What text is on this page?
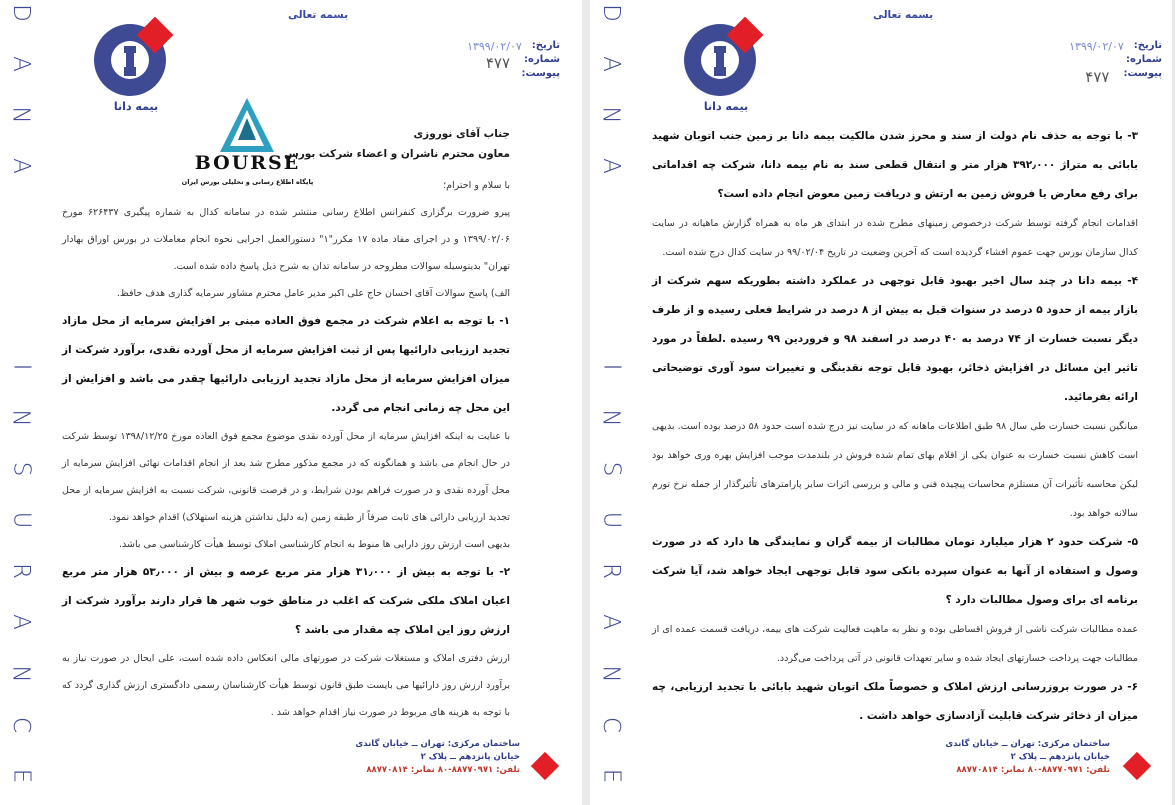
D
A
N
A
I
N
S
U
R
A
N
C
E
بسمه تعالی
بیمه دانا
تاریخ:
۱۳۹۹/۰۲/۰۷
شماره:
۴۷۷
پیوست:
BOURSE
پایگاه اطلاع رسانی و تحلیلی بورس ایران

جناب آقای نوروزی

معاون محترم ناشران و اعضاء شرکت بورس

با سلام و احترام؛

پیرو ضرورت برگزاری کنفرانس اطلاع رسانی منتشر شده در سامانه کدال به شماره پیگیری ۶۲۶۴۳۷ مورخ ۱۳۹۹/۰۲/۰۶ و در اجرای مفاد ماده ۱۷ مکرر"۱" دستورالعمل اجرایی نحوه انجام معاملات در بورس اوراق بهادار تهران" بدینوسیله سوالات مطروحه در سامانه تدان به شرح ذیل پاسخ داده شده است.

الف) پاسخ سوالات آقای احسان حاج علی اکبر مدیر عامل محترم مشاور سرمایه گذاری هدف حافظ.

۱- با توجه به اعلام شرکت در مجمع فوق العاده مبنی بر افزایش سرمایه از محل مازاد تجدید ارزیابی دارائیها پس از ثبت افزایش سرمایه از محل آورده نقدی، برآورد شرکت از میزان افزایش سرمایه از محل مازاد تجدید ارزیابی دارائیها چقدر می باشد و افزایش از این محل چه زمانی انجام می گردد.

با عنایت به اینکه افزایش سرمایه از محل آورده نقدی موضوع مجمع فوق العاده مورخ ۱۳۹۸/۱۲/۲۵ توسط شرکت در حال انجام می باشد و همانگونه که در مجمع مذکور مطرح شد بعد از انجام اقدامات نهائی افزایش سرمایه از محل آورده نقدی و در صورت فراهم بودن شرایط، و در فرصت قانونی، شرکت نسبت به افزایش سرمایه از محل تجدید ارزیابی دارائی های ثابت صرفاً از طبقه زمین (به دلیل نداشتن هزینه استهلاک) اقدام خواهد نمود.

بدیهی است ارزش روز دارایی ها منوط به انجام کارشناسی املاک توسط هیأت کارشناسی می باشد.

۲- با توجه به بیش از ۳۱٫۰۰۰ هزار متر مربع عرصه و بیش از ۵۳٫۰۰۰ هزار متر مربع اعیان املاک ملکی شرکت که اغلب در مناطق خوب شهر ها قرار دارند برآورد شرکت از ارزش روز این املاک چه مقدار می باشد ؟

ارزش دفتری املاک و مستغلات شرکت در صورتهای مالی انعکاس داده شده است، علی ایحال در صورت نیاز به برآورد ارزش روز دارائیها می بایست طبق قانون توسط هیأت کارشناسان رسمی دادگستری ارزش گذاری گردد که با توجه به هزینه های مربوط در صورت نیاز اقدام خواهد شد .

ساختمان مرکزی: تهران ــ خیابان گاندی
خیابان پانزدهم ــ پلاک ۲
تلفن: ۸۸۷۷۰۹۷۱-۸۰ نمابر: ۸۸۷۷۰۸۱۴
D
A
N
A
I
N
S
U
R
A
N
C
E
بسمه تعالی
بیمه دانا
تاریخ:
۱۳۹۹/۰۲/۰۷
شماره:
پیوست:
۴۷۷

۳- با توجه به حذف نام دولت از سند و محرز شدن مالکیت بیمه دانا بر زمین جنب اتوبان شهید بابائی به متراژ ۳۹۲٫۰۰۰ هزار متر و انتقال قطعی سند به نام بیمه دانا، شرکت چه اقداماتی برای رفع معارض یا فروش زمین به ارتش و دریافت زمین معوض انجام داده است؟

اقدامات انجام گرفته توسط شرکت درخصوص زمینهای مطرح شده در ابتدای هر ماه به همراه گزارش ماهیانه در سایت کدال سازمان بورس جهت عموم افشاء گردیده است که آخرین وضعیت در تاریخ ۹۹/۰۲/۰۴ در سایت کدال درج شده است.

۴- بیمه دانا در چند سال اخیر بهبود قابل توجهی در عملکرد داشته بطوریکه سهم شرکت از بازار بیمه از حدود ۵ درصد در سنوات قبل به بیش از ۸ درصد در شرایط فعلی رسیده و از طرف دیگر نسبت خسارت از ۷۴ درصد به ۴۰ درصد در اسفند ۹۸ و فروردین ۹۹ رسیده .لطفاً در مورد تاثیر این مسائل در افزایش ذخائر، بهبود قابل توجه نقدینگی و تغییرات سود آوری توضیحاتی ارائه بفرمائید.

میانگین نسبت خسارت طی سال ۹۸ طبق اطلاعات ماهانه که در سایت نیز درج شده است حدود ۵۸ درصد بوده است. بدیهی است کاهش نسبت خسارت به عنوان یکی از اقلام بهای تمام شده فروش در بلندمدت موجب افزایش بهره وری خواهد بود لیکن محاسبه تأثیرات آن مستلزم محاسبات پیچیده فنی و مالی و بررسی اثرات سایر پارامترهای تأثیرگذار از جمله نرخ تورم سالانه خواهد بود.

۵- شرکت حدود ۲ هزار میلیارد تومان مطالبات از بیمه گران و نمایندگی ها دارد که در صورت وصول و استفاده از آنها به عنوان سپرده بانکی سود قابل توجهی ایجاد خواهد شد، آیا شرکت برنامه ای برای وصول مطالبات دارد ؟

عمده مطالبات شرکت ناشی از فروش اقساطی بوده و نظر به ماهیت فعالیت شرکت های بیمه، دریافت قسمت عمده ای از مطالبات جهت پرداخت خسارتهای ایجاد شده و سایر تعهدات قانونی در آتی پرداخت می‌گردد.

۶- در صورت بروزرسانی ارزش املاک و خصوصاً ملک اتوبان شهید بابائی با تجدید ارزیابی، چه میزان از ذخائر شرکت قابلیت آزادسازی خواهد داشت .

ساختمان مرکزی: تهران ــ خیابان گاندی
خیابان پانزدهم ــ پلاک ۲
تلفن: ۸۸۷۷۰۹۷۱-۸۰ نمابر: ۸۸۷۷۰۸۱۴
